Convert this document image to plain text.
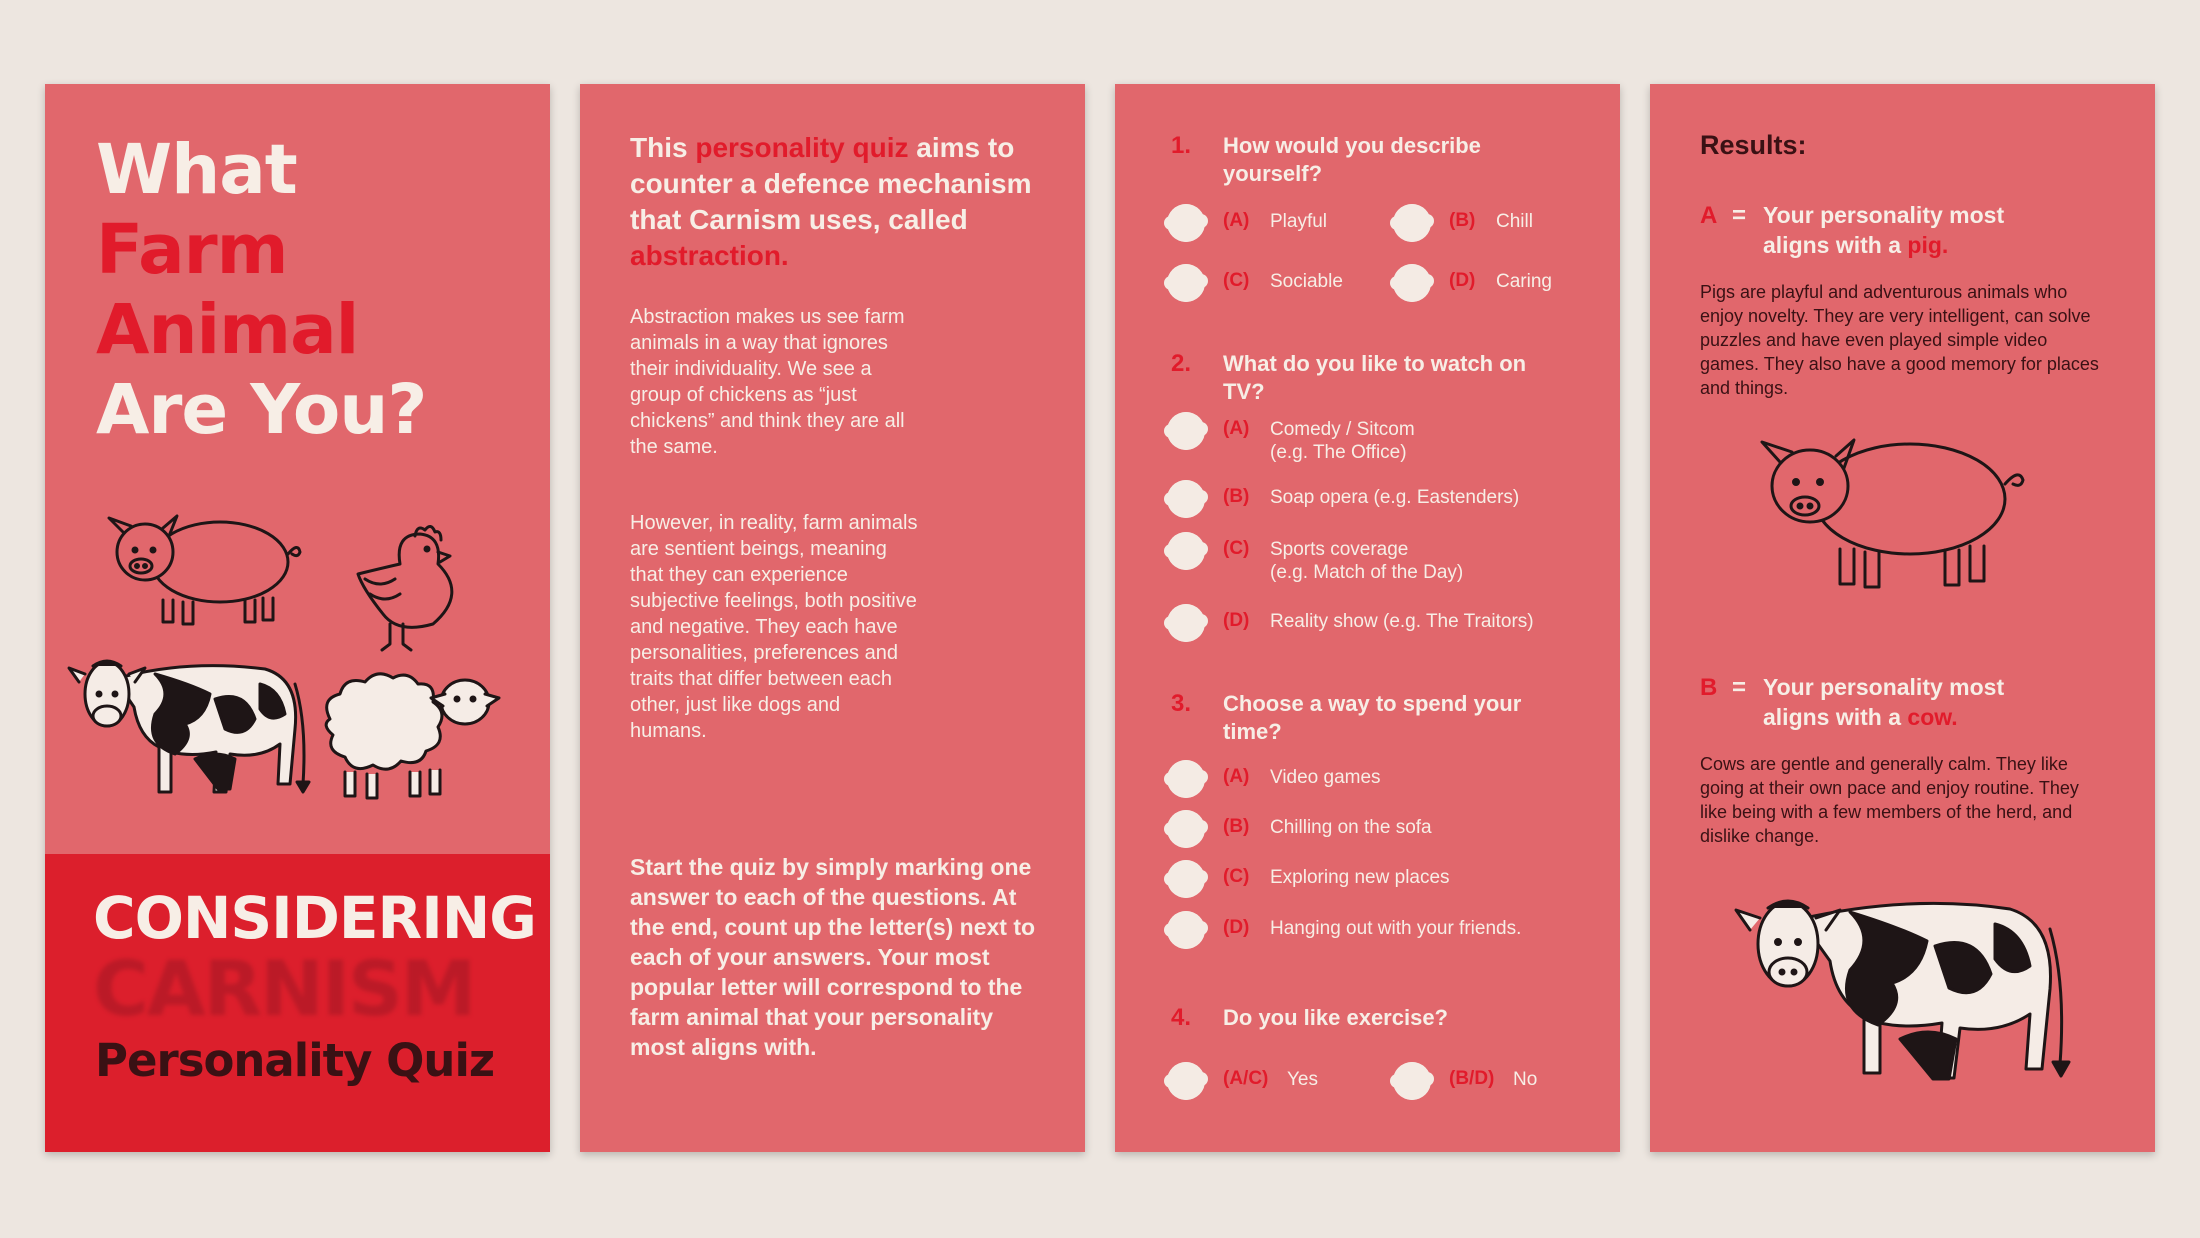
What
Farm
Animal
Are You?
CONSIDERING
CARNISM
Personality Quiz
This personality quiz aims to counter a defence mechanism that Carnism uses, called abstraction.
Abstraction makes us see farm animals in a way that ignores their individuality. We see a group of chickens as “just chickens” and think they are all the same.
However, in reality, farm animals are sentient beings, meaning that they can experience subjective feelings, both positive and negative. They each have personalities, preferences and traits that differ between each other, just like dogs and humans.
Start the quiz by simply marking one answer to each of the questions. At the end, count up the letter(s) next to each of your answers. Your most popular letter will correspond to the farm animal that your personality most aligns with.
1. How would you describe yourself?
(A) Playful	(B) Chill
(C) Sociable	(D) Caring
2. What do you like to watch on TV?
(A) Comedy / Sitcom
(e.g. The Office)
(B) Soap opera (e.g. Eastenders)
(C) Sports coverage
(e.g. Match of the Day)
(D) Reality show (e.g. The Traitors)
3. Choose a way to spend your time?
(A) Video games
(B) Chilling on the sofa
(C) Exploring new places
(D) Hanging out with your friends.
4. Do you like exercise?
(A/C) Yes	(B/D) No
Results:
A = Your personality most
aligns with a pig.
Pigs are playful and adventurous animals who enjoy novelty. They are very intelligent, can solve puzzles and have even played simple video games. They also have a good memory for places and things.
B = Your personality most
aligns with a cow.
Cows are gentle and generally calm. They like going at their own pace and enjoy routine. They like being with a few members of the herd, and dislike change.
